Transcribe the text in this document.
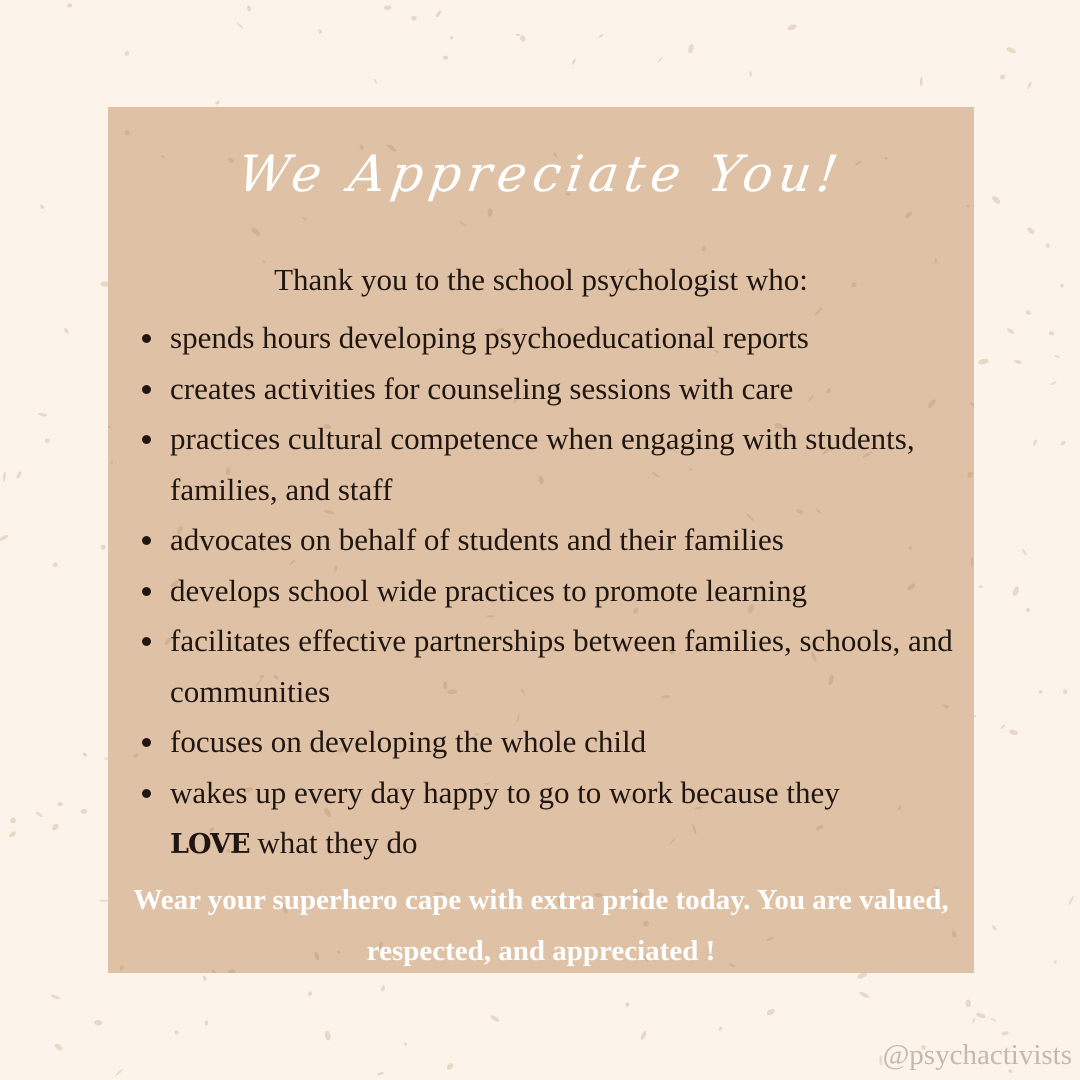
We Appreciate You!
Thank you to the school psychologist who:
spends hours developing psychoeducational reports
creates activities for counseling sessions with care
practices cultural competence when engaging with students, families, and staff
advocates on behalf of students and their families
develops school wide practices to promote learning
facilitates effective partnerships between families, schools, and communities
focuses on developing the whole child
wakes up every day happy to go to work because they
LOVE what they do
Wear your superhero cape with extra pride today. You are valued, respected, and appreciated !
@psychactivists
